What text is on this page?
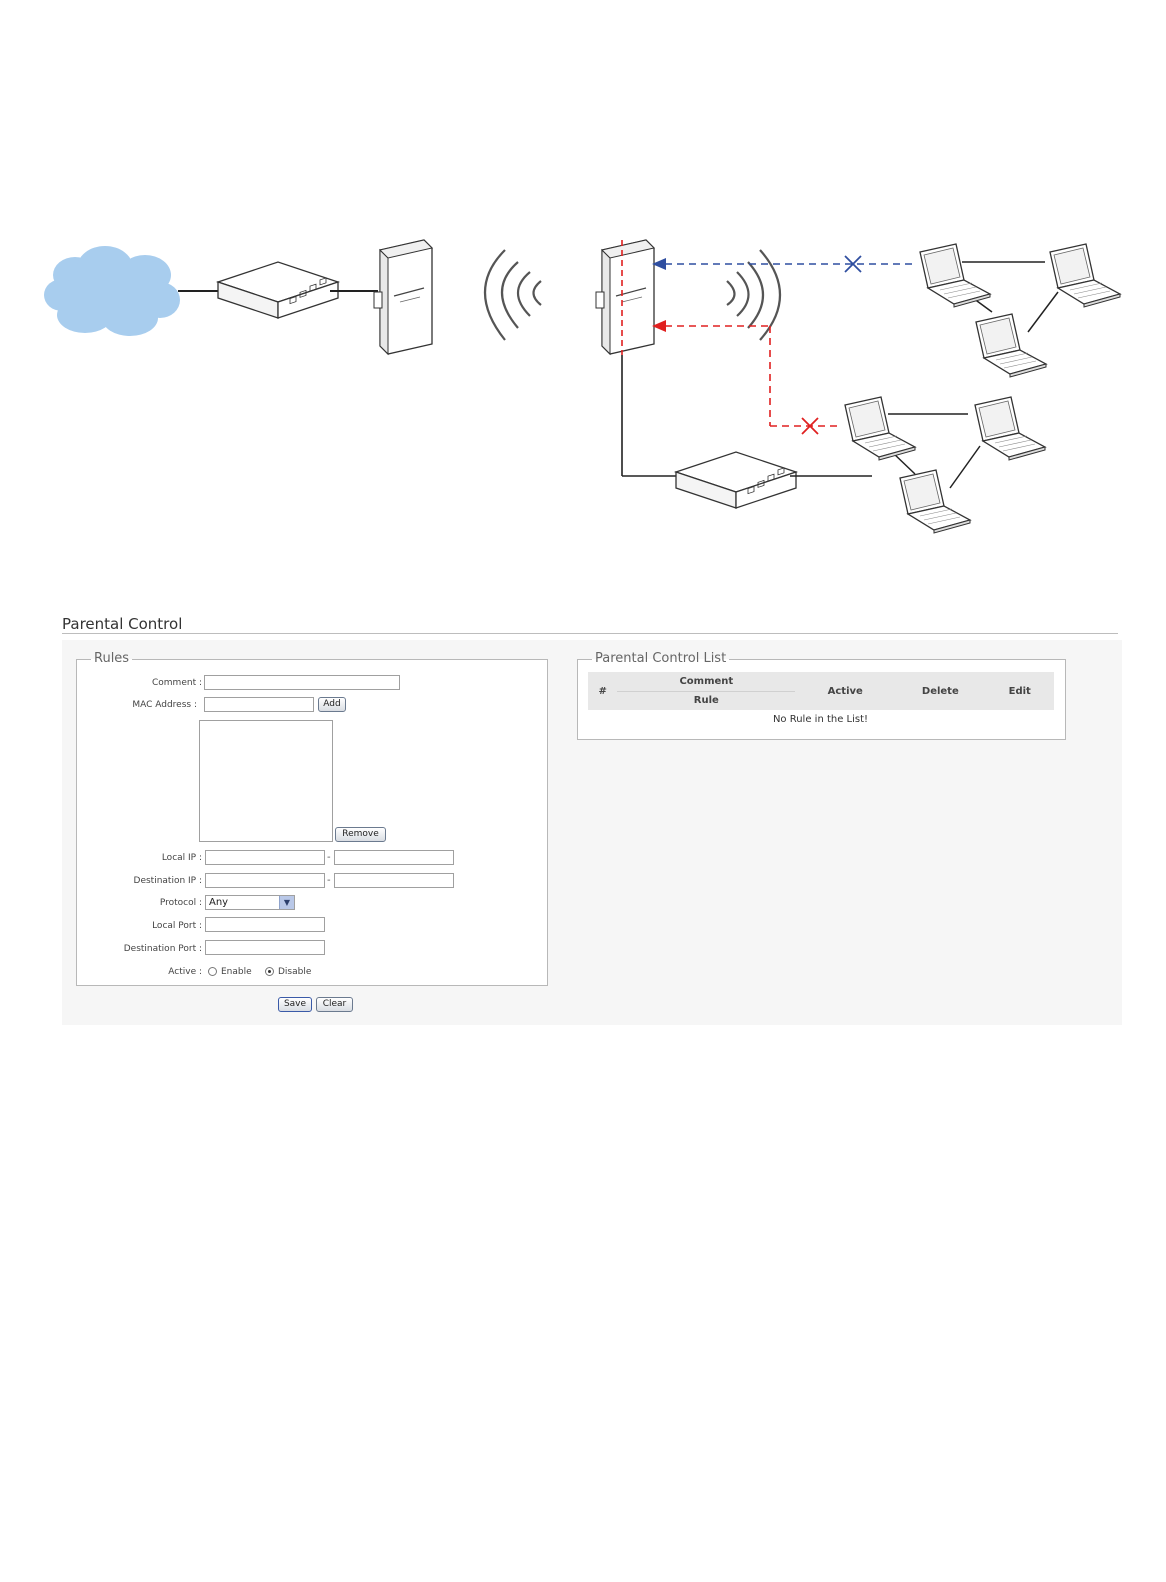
Parental Control
Rules
Comment :
MAC Address :	Add
Remove
Local IP :	-
Destination IP :	-
Protocol : Any	▼
Local Port :
Destination Port :
Active : Enable	Disable
Save	Clear
Parental Control List
#	Comment	Active	Delete	Edit
Rule
No Rule in the List!
